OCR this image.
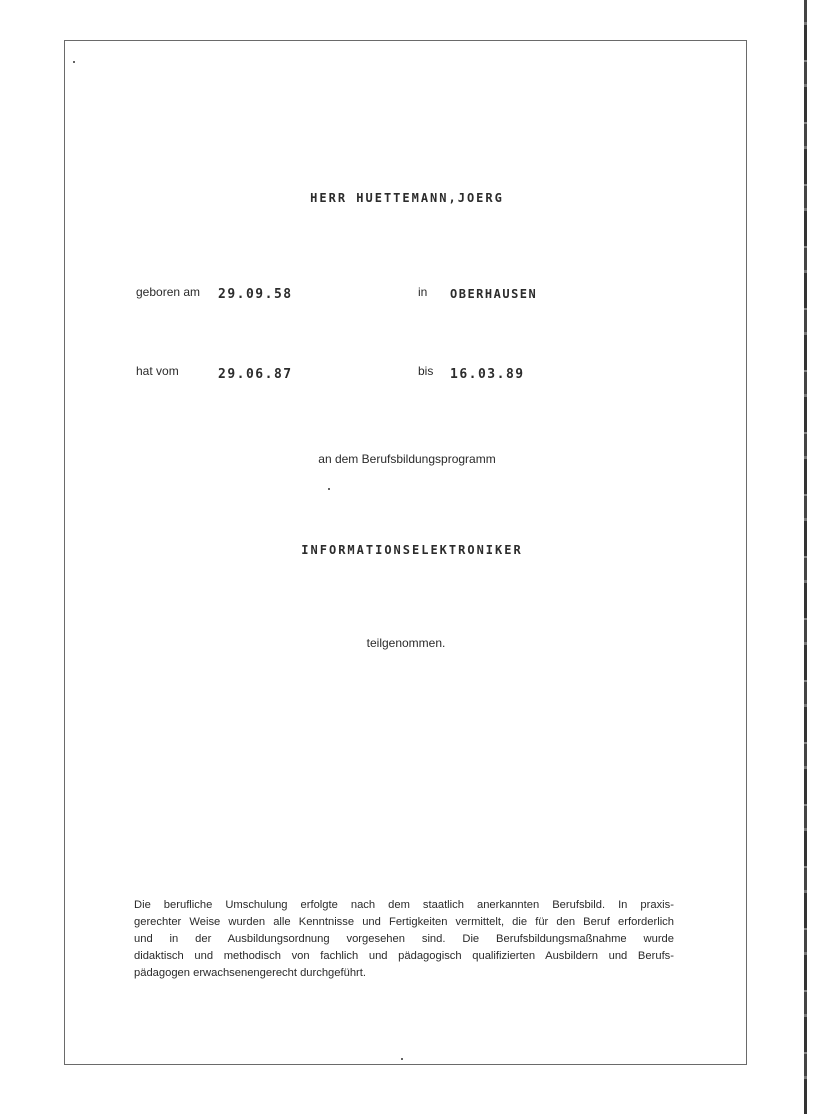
HERR HUETTEMANN,JOERG
geboren am 29.09.58	in OBERHAUSEN
hat vom	29.06.87	bis 16.03.89
an dem Berufsbildungsprogramm
INFORMATIONSELEKTRONIKER
teilgenommen.
Die berufliche Umschulung erfolgte nach dem staatlich anerkannten Berufsbild. In praxis-
gerechter Weise wurden alle Kenntnisse und Fertigkeiten vermittelt, die für den Beruf erforderlich
und in der Ausbildungsordnung vorgesehen sind. Die Berufsbildungsmaßnahme wurde
didaktisch und methodisch von fachlich und pädagogisch qualifizierten Ausbildern und Berufs-
pädagogen erwachsenengerecht durchgeführt.
